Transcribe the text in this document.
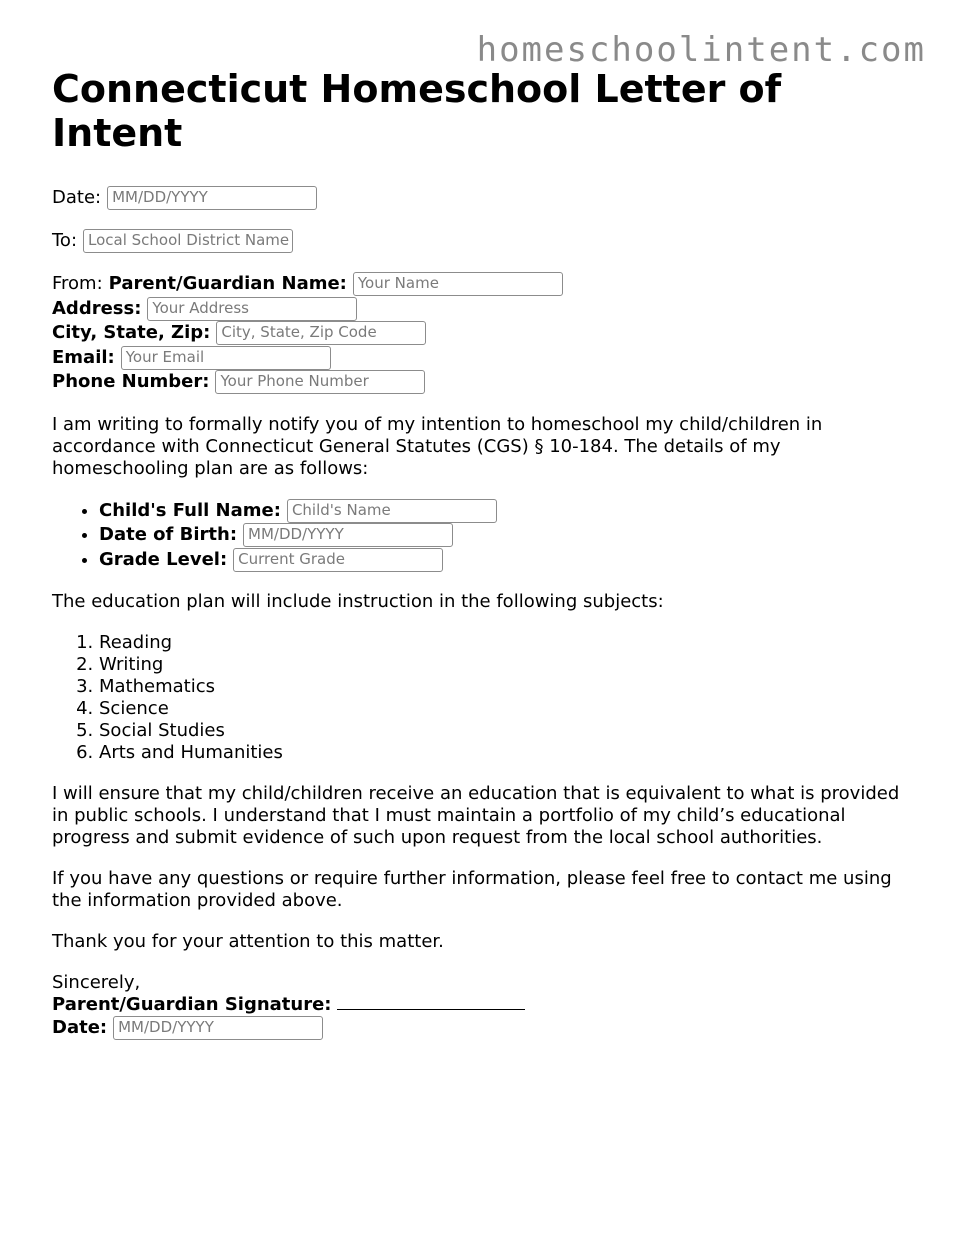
homeschoolintent.com
Connecticut Homeschool Letter of Intent
Date: MM/DD/YYYY
To: Local School District Name
From: Parent/Guardian Name: Your Name
Address: Your Address
City, State, Zip: City, State, Zip Code
Email: Your Email
Phone Number: Your Phone Number

I am writing to formally notify you of my intention to homeschool my child/children in accordance with Connecticut General Statutes (CGS) § 10-184. The details of my homeschooling plan are as follows:

• Child's Full Name: Child's Name
• Date of Birth: MM/DD/YYYY
• Grade Level: Current Grade

The education plan will include instruction in the following subjects:

1. Reading
2. Writing
3. Mathematics
4. Science
5. Social Studies
6. Arts and Humanities

I will ensure that my child/children receive an education that is equivalent to what is provided in public schools. I understand that I must maintain a portfolio of my child’s educational progress and submit evidence of such upon request from the local school authorities.

If you have any questions or require further information, please feel free to contact me using the information provided above.

Thank you for your attention to this matter.

Sincerely,
Parent/Guardian Signature:
Date: MM/DD/YYYY
